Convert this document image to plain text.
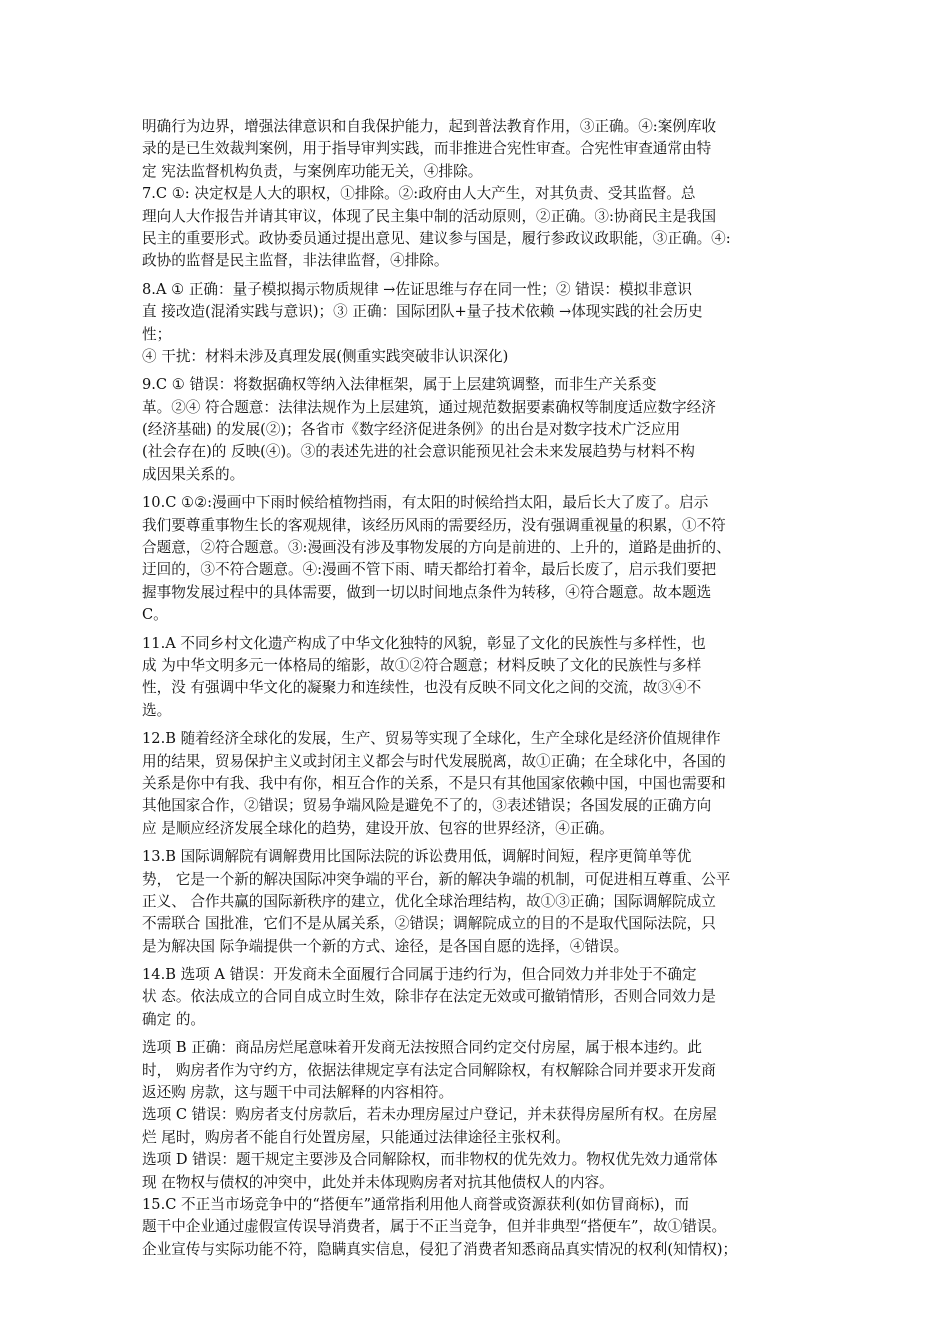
明确行为边界，增强法律意识和自我保护能力，起到普法教育作用，③正确。④:案例库收
录的是已生效裁判案例，用于指导审判实践，而非推进合宪性审查。合宪性审查通常由特
定 宪法监督机构负责，与案例库功能无关，④排除。
7.C ①: 决定权是人大的职权，①排除。②:政府由人大产生，对其负责、受其监督。总
理向人大作报告并请其审议，体现了民主集中制的活动原则，②正确。③:协商民主是我国
民主的重要形式。政协委员通过提出意见、建议参与国是，履行参政议政职能，③正确。④:
政协的监督是民主监督，非法律监督，④排除。
8.A ① 正确：量子模拟揭示物质规律 →佐证思维与存在同一性；② 错误：模拟非意识
直 接改造(混淆实践与意识)；③ 正确：国际团队+量子技术依赖 →体现实践的社会历史
性；
④ 干扰：材料未涉及真理发展(侧重实践突破非认识深化)
9.C ① 错误：将数据确权等纳入法律框架，属于上层建筑调整，而非生产关系变
革。②④ 符合题意：法律法规作为上层建筑，通过规范数据要素确权等制度适应数字经济
(经济基础) 的发展(②)；各省市《数字经济促进条例》的出台是对数字技术广泛应用
(社会存在)的 反映(④)。③的表述先进的社会意识能预见社会未来发展趋势与材料不构
成因果关系的。
10.C ①②:漫画中下雨时候给植物挡雨，有太阳的时候给挡太阳，最后长大了废了。启示
我们要尊重事物生长的客观规律，该经历风雨的需要经历，没有强调重视量的积累，①不符
合题意，②符合题意。③:漫画没有涉及事物发展的方向是前进的、上升的，道路是曲折的、
迂回的，③不符合题意。④:漫画不管下雨、晴天都给打着伞，最后长废了，启示我们要把
握事物发展过程中的具体需要，做到一切以时间地点条件为转移，④符合题意。故本题选
C。
11.A 不同乡村文化遗产构成了中华文化独特的风貌，彰显了文化的民族性与多样性，也
成 为中华文明多元一体格局的缩影，故①②符合题意；材料反映了文化的民族性与多样
性，没 有强调中华文化的凝聚力和连续性，也没有反映不同文化之间的交流，故③④不
选。
12.B 随着经济全球化的发展，生产、贸易等实现了全球化，生产全球化是经济价值规律作
用的结果，贸易保护主义或封闭主义都会与时代发展脱离，故①正确；在全球化中，各国的
关系是你中有我、我中有你，相互合作的关系，不是只有其他国家依赖中国，中国也需要和
其他国家合作，②错误；贸易争端风险是避免不了的，③表述错误；各国发展的正确方向
应 是顺应经济发展全球化的趋势，建设开放、包容的世界经济，④正确。
13.B 国际调解院有调解费用比国际法院的诉讼费用低，调解时间短，程序更简单等优
势， 它是一个新的解决国际冲突争端的平台，新的解决争端的机制，可促进相互尊重、公平
正义、 合作共赢的国际新秩序的建立，优化全球治理结构，故①③正确；国际调解院成立
不需联合 国批准，它们不是从属关系，②错误；调解院成立的目的不是取代国际法院，只
是为解决国 际争端提供一个新的方式、途径，是各国自愿的选择，④错误。
14.B 选项 A 错误：开发商未全面履行合同属于违约行为，但合同效力并非处于不确定
状 态。依法成立的合同自成立时生效，除非存在法定无效或可撤销情形，否则合同效力是
确定 的。
选项 B 正确：商品房烂尾意味着开发商无法按照合同约定交付房屋，属于根本违约。此
时， 购房者作为守约方，依据法律规定享有法定合同解除权，有权解除合同并要求开发商
返还购 房款，这与题干中司法解释的内容相符。
选项 C 错误：购房者支付房款后，若未办理房屋过户登记，并未获得房屋所有权。在房屋
烂 尾时，购房者不能自行处置房屋，只能通过法律途径主张权利。
选项 D 错误：题干规定主要涉及合同解除权，而非物权的优先效力。物权优先效力通常体
现 在物权与债权的冲突中，此处并未体现购房者对抗其他债权人的内容。
15.C 不正当市场竞争中的“搭便车”通常指利用他人商誉或资源获利(如仿冒商标)，而
题干中企业通过虚假宣传误导消费者，属于不正当竞争，但并非典型“搭便车”，故①错误。
企业宣传与实际功能不符，隐瞒真实信息，侵犯了消费者知悉商品真实情况的权利(知情权)；
